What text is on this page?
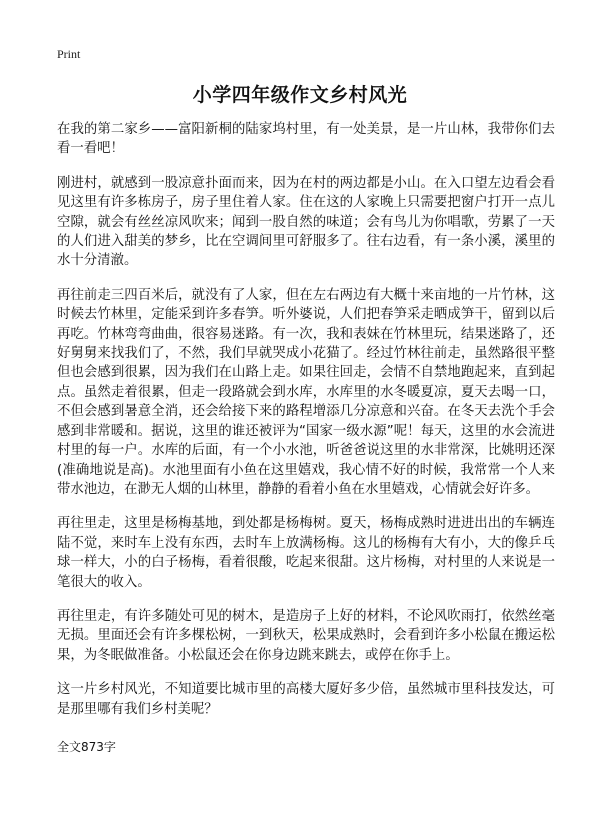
Print
小学四年级作文乡村风光

在我的第二家乡——富阳新桐的陆家坞村里，有一处美景，是一片山林，我带你们去看一看吧！

刚进村，就感到一股凉意扑面而来，因为在村的两边都是小山。在入口望左边看会看见这里有许多栋房子，房子里住着人家。住在这的人家晚上只需要把窗户打开一点儿空隙，就会有丝丝凉风吹来；闻到一股自然的味道；会有鸟儿为你唱歌，劳累了一天的人们进入甜美的梦乡，比在空调间里可舒服多了。往右边看，有一条小溪，溪里的水十分清澈。

再往前走三四百米后，就没有了人家，但在左右两边有大概十来亩地的一片竹林，这时候去竹林里，定能采到许多春笋。听外婆说，人们把春笋采走晒成笋干，留到以后再吃。竹林弯弯曲曲，很容易迷路。有一次，我和表妹在竹林里玩，结果迷路了，还好舅舅来找我们了，不然，我们早就哭成小花猫了。经过竹林往前走，虽然路很平整但也会感到很累，因为我们在山路上走。如果往回走，会情不自禁地跑起来，直到起点。虽然走着很累，但走一段路就会到水库，水库里的水冬暖夏凉，夏天去喝一口，不但会感到暑意全消，还会给接下来的路程增添几分凉意和兴奋。在冬天去洗个手会感到非常暖和。据说，这里的谁还被评为“国家一级水源”呢！每天，这里的水会流进村里的每一户。水库的后面，有一个小水池，听爸爸说这里的水非常深，比姚明还深(准确地说是高)。水池里面有小鱼在这里嬉戏，我心情不好的时候，我常常一个人来带水池边，在渺无人烟的山林里，静静的看着小鱼在水里嬉戏，心情就会好许多。

再往里走，这里是杨梅基地，到处都是杨梅树。夏天，杨梅成熟时进进出出的车辆连陆不觉，来时车上没有东西，去时车上放满杨梅。这儿的杨梅有大有小，大的像乒乓球一样大，小的白子杨梅，看着很酸，吃起来很甜。这片杨梅，对村里的人来说是一笔很大的收入。

再往里走，有许多随处可见的树木，是造房子上好的材料，不论风吹雨打，依然丝毫无损。里面还会有许多棵松树，一到秋天，松果成熟时，会看到许多小松鼠在搬运松果，为冬眠做准备。小松鼠还会在你身边跳来跳去，或停在你手上。

这一片乡村风光，不知道要比城市里的高楼大厦好多少倍，虽然城市里科技发达，可是那里哪有我们乡村美呢？

全文873字
